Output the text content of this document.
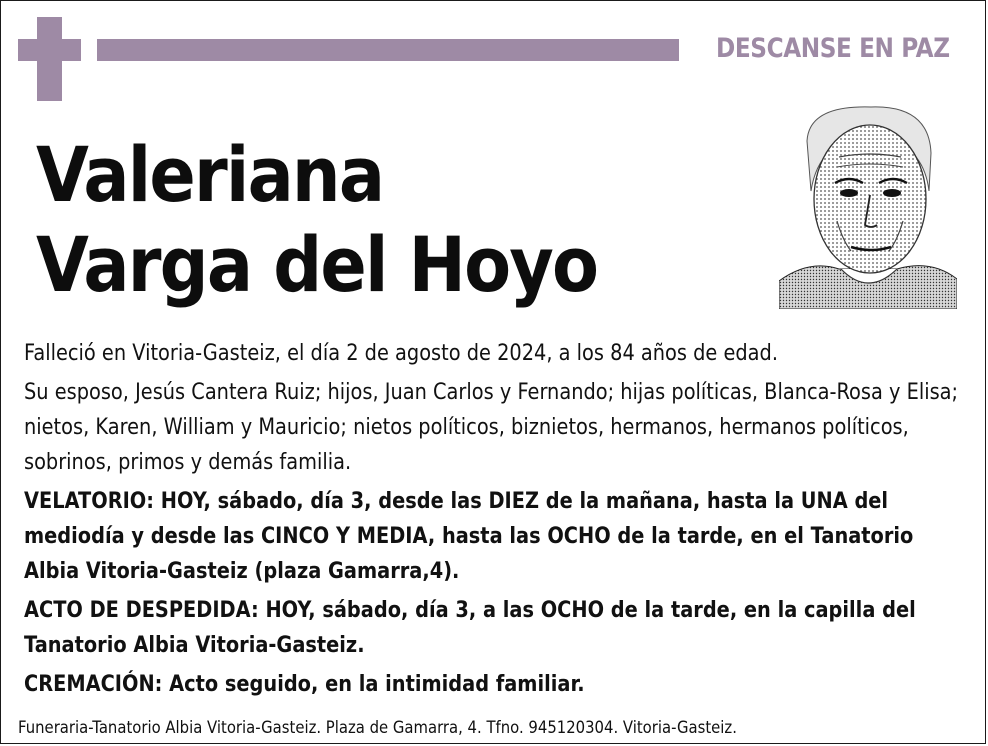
DESCANSE EN PAZ
Valeriana
Varga del Hoyo

Falleció en Vitoria-Gasteiz, el día 2 de agosto de 2024, a los 84 años de edad.

Su esposo, Jesús Cantera Ruiz; hijos, Juan Carlos y Fernando; hijas políticas, Blanca-Rosa y Elisa; nietos, Karen, William y Mauricio; nietos políticos, biznietos, hermanos, hermanos políticos, sobrinos, primos y demás familia.

VELATORIO: HOY, sábado, día 3, desde las DIEZ de la mañana, hasta la UNA del mediodía y desde las CINCO Y MEDIA, hasta las OCHO de la tarde, en el Tanatorio Albia Vitoria-Gasteiz (plaza Gamarra,4).

ACTO DE DESPEDIDA: HOY, sábado, día 3, a las OCHO de la tarde, en la capilla del Tanatorio Albia Vitoria-Gasteiz.

CREMACIÓN: Acto seguido, en la intimidad familiar.

Funeraria-Tanatorio Albia Vitoria-Gasteiz. Plaza de Gamarra, 4. Tfno. 945120304. Vitoria-Gasteiz.
